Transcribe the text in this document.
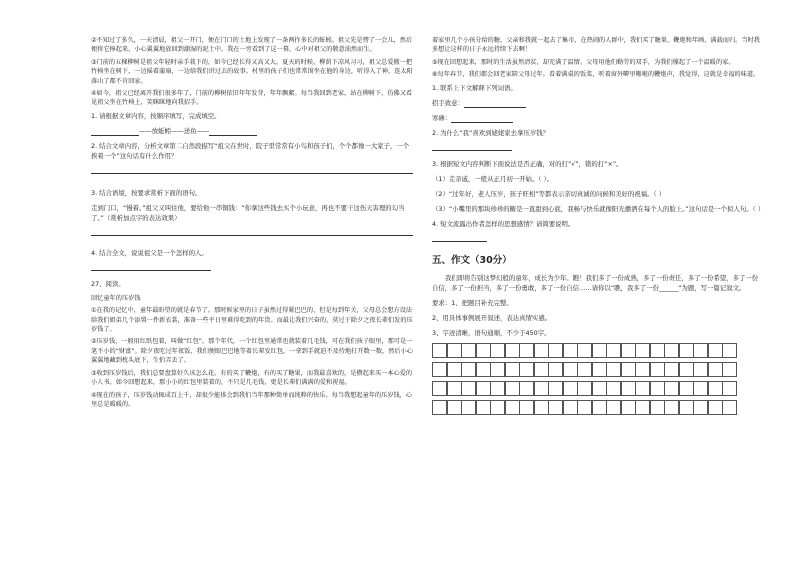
②不知过了多久，一天清晨，祖父一开门，便在门口的土地上发现了一条两拃多长的蚯蚓。祖父先是愣了一会儿，然后便将它捧起来，小心翼翼地放回到潮湿的泥土中。我在一旁看到了这一幕，心中对祖父的敬意油然而生。

③门前的五棵柳树是祖父年轻时亲手栽下的，如今已经长得又高又大。夏天的时候，柳荫下凉风习习，祖父总爱搬一把竹椅坐在树下，一边摇着蒲扇，一边给我们讲过去的故事。村里的孩子们也常常围坐在他的身边，听得入了神，连太阳落山了都不肯回家。

④如今，祖父已经离开我们很多年了，门前的柳树依旧年年发芽，年年飘絮。每当我回到老家，站在柳树下，仿佛又看见祖父坐在竹椅上，笑眯眯地向我招手。

1. 请根据文章内容，按顺序填写，完成填空。

——放蚯蚓——送鱼——

2. 结合文章内容，分析文章第二自然段描写“祖父在世时，院子里常常有小鸟和孩子们，个个都像一大家子，一个挨着一个”这句话有什么作用？

3. 结合语境，按要求赏析下面的语句。

走到门口，“慢着。”祖父又叫住他，要给他一串铜钱：“你拿这些钱去买个小玩意，再也不要干这伤天害理的勾当了。”（赏析加点字的表达效果）

4. 结合全文，说说祖父是一个怎样的人。

27、阅读。

回忆童年的压岁钱

①在我的记忆中，童年最盼望的就是春节了。那时候家里的日子虽然过得紧巴巴的，但是每到年关，父母总会想方设法给我们姐弟几个添置一件新衣裳，准备一些平日里难得吃到的年货。而最让我们兴奋的，莫过于除夕之夜长辈们发的压岁钱了。

②压岁钱，一般用红纸包着，叫做“红包”。那个年代，一个红包里通常也就装着几毛钱，可在我们孩子眼里，那可是一笔不小的“财富”。除夕夜吃过年夜饭，我们便眼巴巴地等着长辈发红包，一拿到手就迫不及待地打开数一数，然后小心翼翼地藏到枕头底下，生怕弄丢了。

③收到压岁钱后，我们总要盘算好久该怎么花。有的买了鞭炮，有的买了糖果，而我最喜欢的，是攒起来买一本心爱的小人书。如今回想起来，那小小的红包里装着的，不只是几毛钱，更是长辈们满满的爱和祝福。

④现在的孩子，压岁钱动辄成百上千，却很少能体会到我们当年那种简单而纯粹的快乐。每当我想起童年的压岁钱，心里总是暖暖的。

着家里几个小孩分给的糖，父亲和我就一起去了集市，在热闹的人群中，我们买了糖果、鞭炮和年画，满载而归。当时我多想让这样的日子永远持续下去啊！

⑤现在回想起来，那时的生活虽然清贫，却充满了温情。父母用他们勤劳的双手，为我们撑起了一个温暖的家。

⑥每年春节，我们都会回老家陪父母过年。看着满桌的饭菜，听着窗外噼里啪啦的鞭炮声，我觉得，这就是幸福的味道。

1. 联系上下文解释下列词语。

招手致意：

寒碜：

2. 为什么“我”喜欢到姥姥家去拿压岁钱？

3. 根据短文内容判断下面说法是否正确，对的打“√”，错的打“×”。

（1）走亲戚，一般从正月初一开始。（ ）。

（2）“过年好，老人压岁，孩子旺相”等都表示亲切真诚的问候和美好的祝福。（ ）

（3）“小嘴里的那块珍珍的糖是一直甜到心底，我畅与快乐就像阳光播洒在每个人的脸上。”这句话是一个拟人句。（ ）

4. 短文流露出作者怎样的思想感情？请简要说明。

五、作文（30分）

我们即将告别这梦幻般的童年，成长为少年。瞧！我们多了一份成熟，多了一份责任，多了一份希望，多了一份自信，多了一份担当，多了一份勇敢，多了一份自信……请你以“瞧，我多了一份______”为题，写一篇记叙文。

要求：1、把题目补充完整。

2、用具体事例展开叙述，表达真情实感。

3、字迹清晰，语句通顺，不少于450字。
